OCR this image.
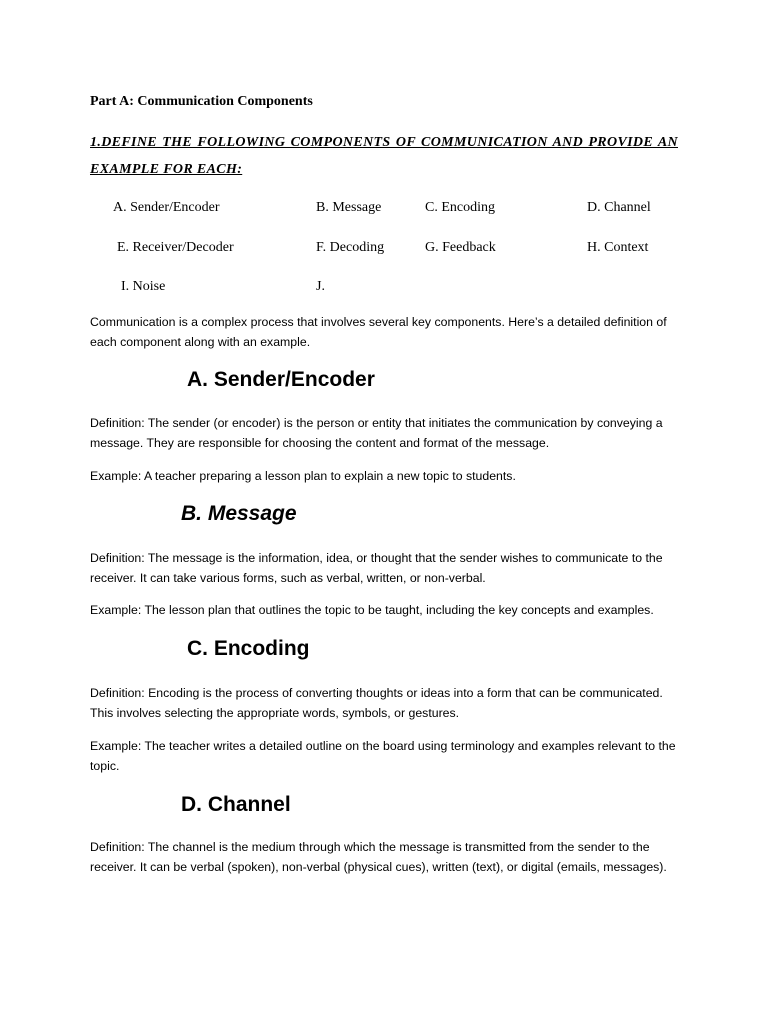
Part A: Communication Components
1.DEFINE THE FOLLOWING COMPONENTS OF COMMUNICATION AND PROVIDE AN EXAMPLE FOR EACH:
A. Sender/Encoder	B. Message	C. Encoding	D. Channel
E. Receiver/Decoder	F. Decoding	G. Feedback	H. Context
I. Noise	J.
Communication is a complex process that involves several key components. Here’s a detailed definition of each component along with an example.
A. Sender/Encoder
Definition: The sender (or encoder) is the person or entity that initiates the communication by conveying a message. They are responsible for choosing the content and format of the message.
Example: A teacher preparing a lesson plan to explain a new topic to students.
B. Message
Definition: The message is the information, idea, or thought that the sender wishes to communicate to the receiver. It can take various forms, such as verbal, written, or non-verbal.
Example: The lesson plan that outlines the topic to be taught, including the key concepts and examples.
C. Encoding
Definition: Encoding is the process of converting thoughts or ideas into a form that can be communicated. This involves selecting the appropriate words, symbols, or gestures.
Example: The teacher writes a detailed outline on the board using terminology and examples relevant to the topic.
D. Channel
Definition: The channel is the medium through which the message is transmitted from the sender to the receiver. It can be verbal (spoken), non-verbal (physical cues), written (text), or digital (emails, messages).
